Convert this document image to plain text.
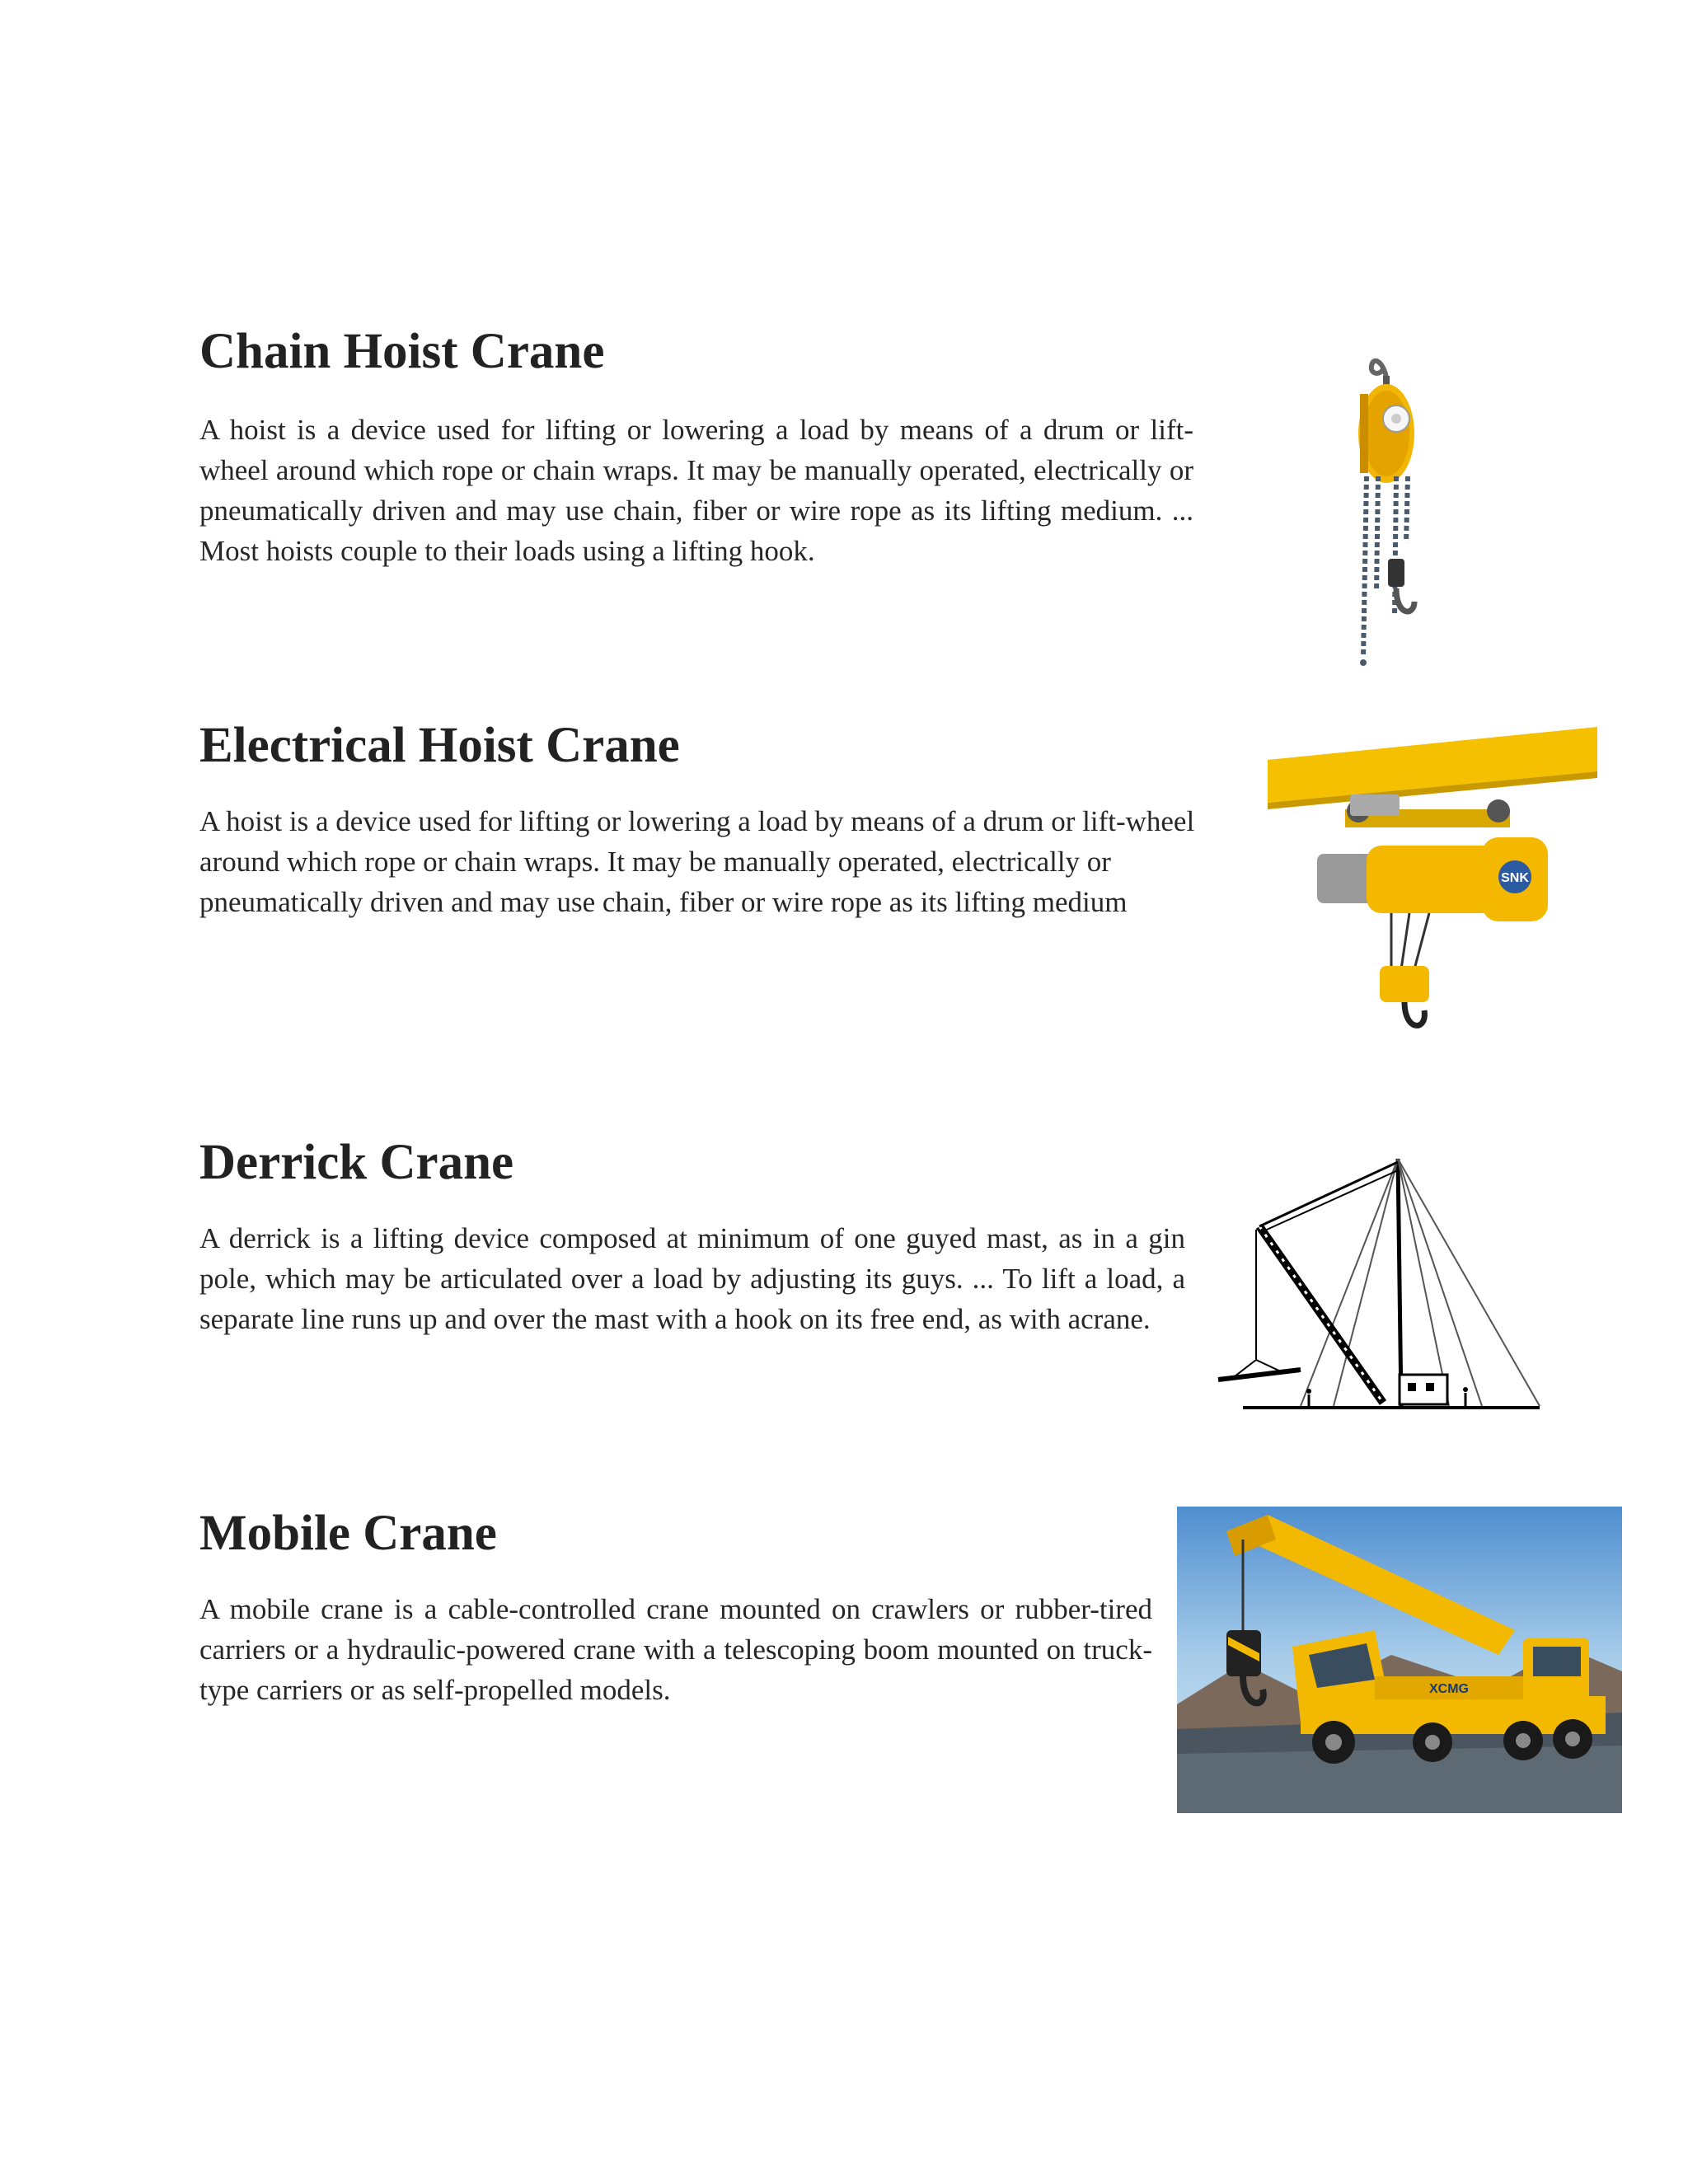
Chain Hoist Crane

A hoist is a device used for lifting or lowering a load by means of a drum or lift-wheel around which rope or chain wraps. It may be manually operated, electrically or pneumatically driven and may use chain, fiber or wire rope as its lifting medium. ... Most hoists couple to their loads using a lifting hook.

Electrical Hoist Crane

A hoist is a device used for lifting or lowering a load by means of a drum or lift-wheel around which rope or chain wraps. It may be manually operated, electrically or pneumatically driven and may use chain, fiber or wire rope as its lifting medium

SNK
Derrick Crane

A derrick is a lifting device composed at minimum of one guyed mast, as in a gin pole, which may be articulated over a load by adjusting its guys. ... To lift a load, a separate line runs up and over the mast with a hook on its free end, as with acrane.

Mobile Crane

A mobile crane is a cable-controlled crane mounted on crawlers or rubber-tired carriers or a hydraulic-powered crane with a telescoping boom mounted on truck-type carriers or as self-propelled models.	XCMG
